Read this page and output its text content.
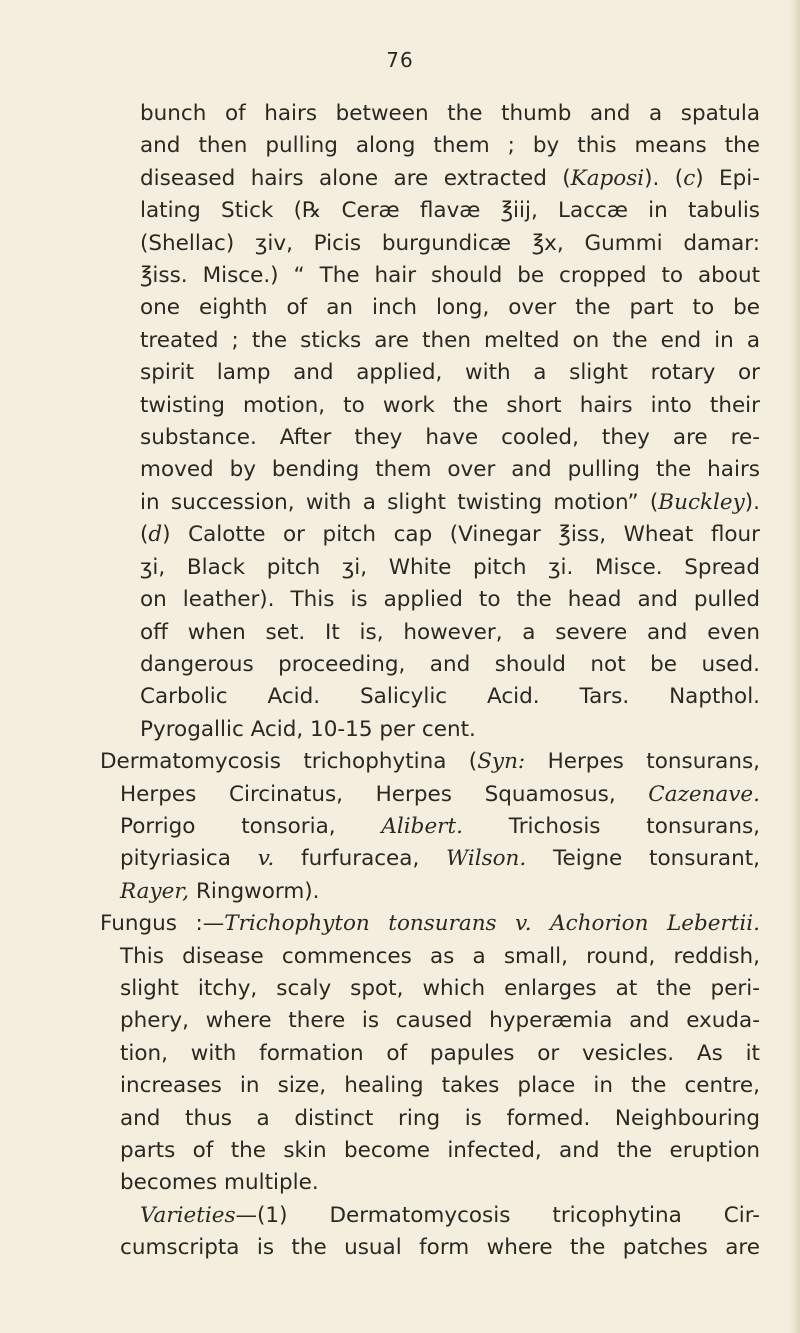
76
bunch of hairs between the thumb and a spatula
and then pulling along them ; by this means the
diseased hairs alone are extracted (Kaposi). (c) Epi-
lating Stick (℞ Ceræ flavæ ℥iij, Laccæ in tabulis
(Shellac) ʒiv, Picis burgundicæ ℥x, Gummi damar:
℥iss. Misce.) “ The hair should be cropped to about
one eighth of an inch long, over the part to be
treated ; the sticks are then melted on the end in a
spirit lamp and applied, with a slight rotary or
twisting motion, to work the short hairs into their
substance. After they have cooled, they are re-
moved by bending them over and pulling the hairs
in succession, with a slight twisting motion” (Buckley).
(d) Calotte or pitch cap (Vinegar ℥iss, Wheat flour
ʒi, Black pitch ʒi, White pitch ʒi. Misce. Spread
on leather). This is applied to the head and pulled
off when set. It is, however, a severe and even
dangerous proceeding, and should not be used.
Carbolic Acid. Salicylic Acid. Tars. Napthol.
Pyrogallic Acid, 10-15 per cent.
Dermatomycosis trichophytina (Syn: Herpes tonsurans,
Herpes Circinatus, Herpes Squamosus, Cazenave.
Porrigo tonsoria, Alibert. Trichosis tonsurans,
pityriasica v. furfuracea, Wilson. Teigne tonsurant,
Rayer, Ringworm).
Fungus :—Trichophyton tonsurans v. Achorion Lebertii.
This disease commences as a small, round, reddish,
slight itchy, scaly spot, which enlarges at the peri-
phery, where there is caused hyperæmia and exuda-
tion, with formation of papules or vesicles. As it
increases in size, healing takes place in the centre,
and thus a distinct ring is formed. Neighbouring
parts of the skin become infected, and the eruption
becomes multiple.
Varieties—(1) Dermatomycosis tricophytina Cir-
cumscripta is the usual form where the patches are
